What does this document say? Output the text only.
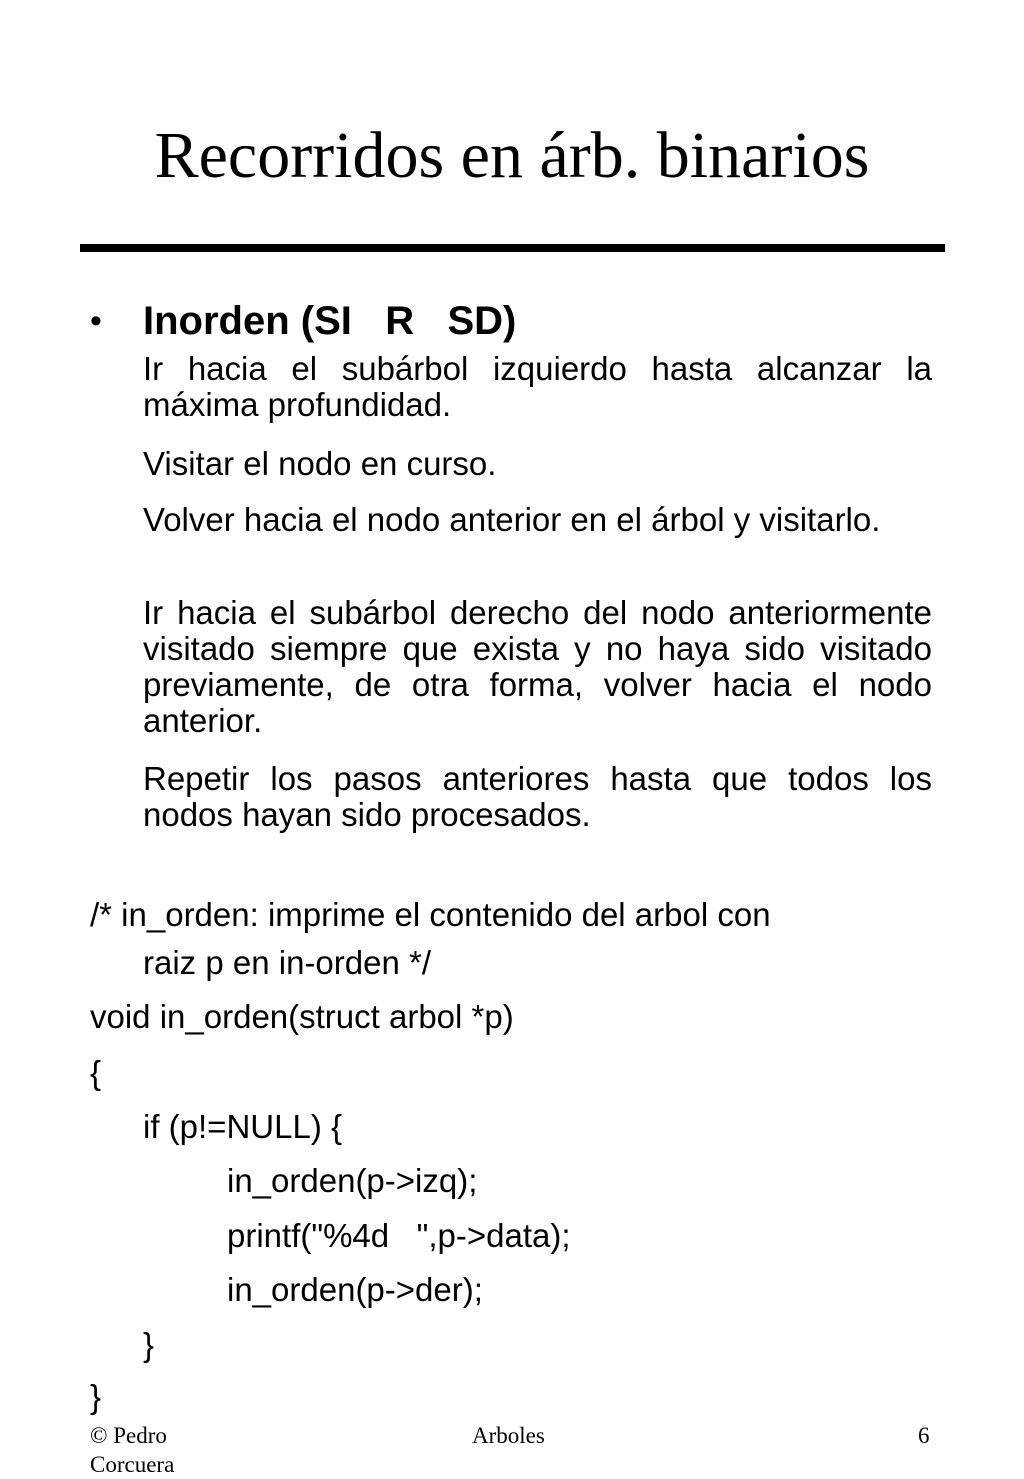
Recorridos en árb. binarios
• Inorden (SI   R   SD)
Ir hacia el subárbol izquierdo hasta alcanzar la máxima profundidad.
Visitar el nodo en curso.
Volver hacia el nodo anterior en el árbol y visitarlo.
Ir hacia el subárbol derecho del nodo anteriormente visitado siempre que exista y no haya sido visitado previamente, de otra forma, volver hacia el nodo anterior.
Repetir los pasos anteriores hasta que todos los nodos hayan sido procesados.
/* in_orden: imprime el contenido del arbol con
raiz p en in-orden */
void in_orden(struct arbol *p)
{
if (p!=NULL) {
in_orden(p->izq);
printf("%4d   ",p->data);
in_orden(p->der);
}
}
© Pedro
Corcuera
Arboles	6
